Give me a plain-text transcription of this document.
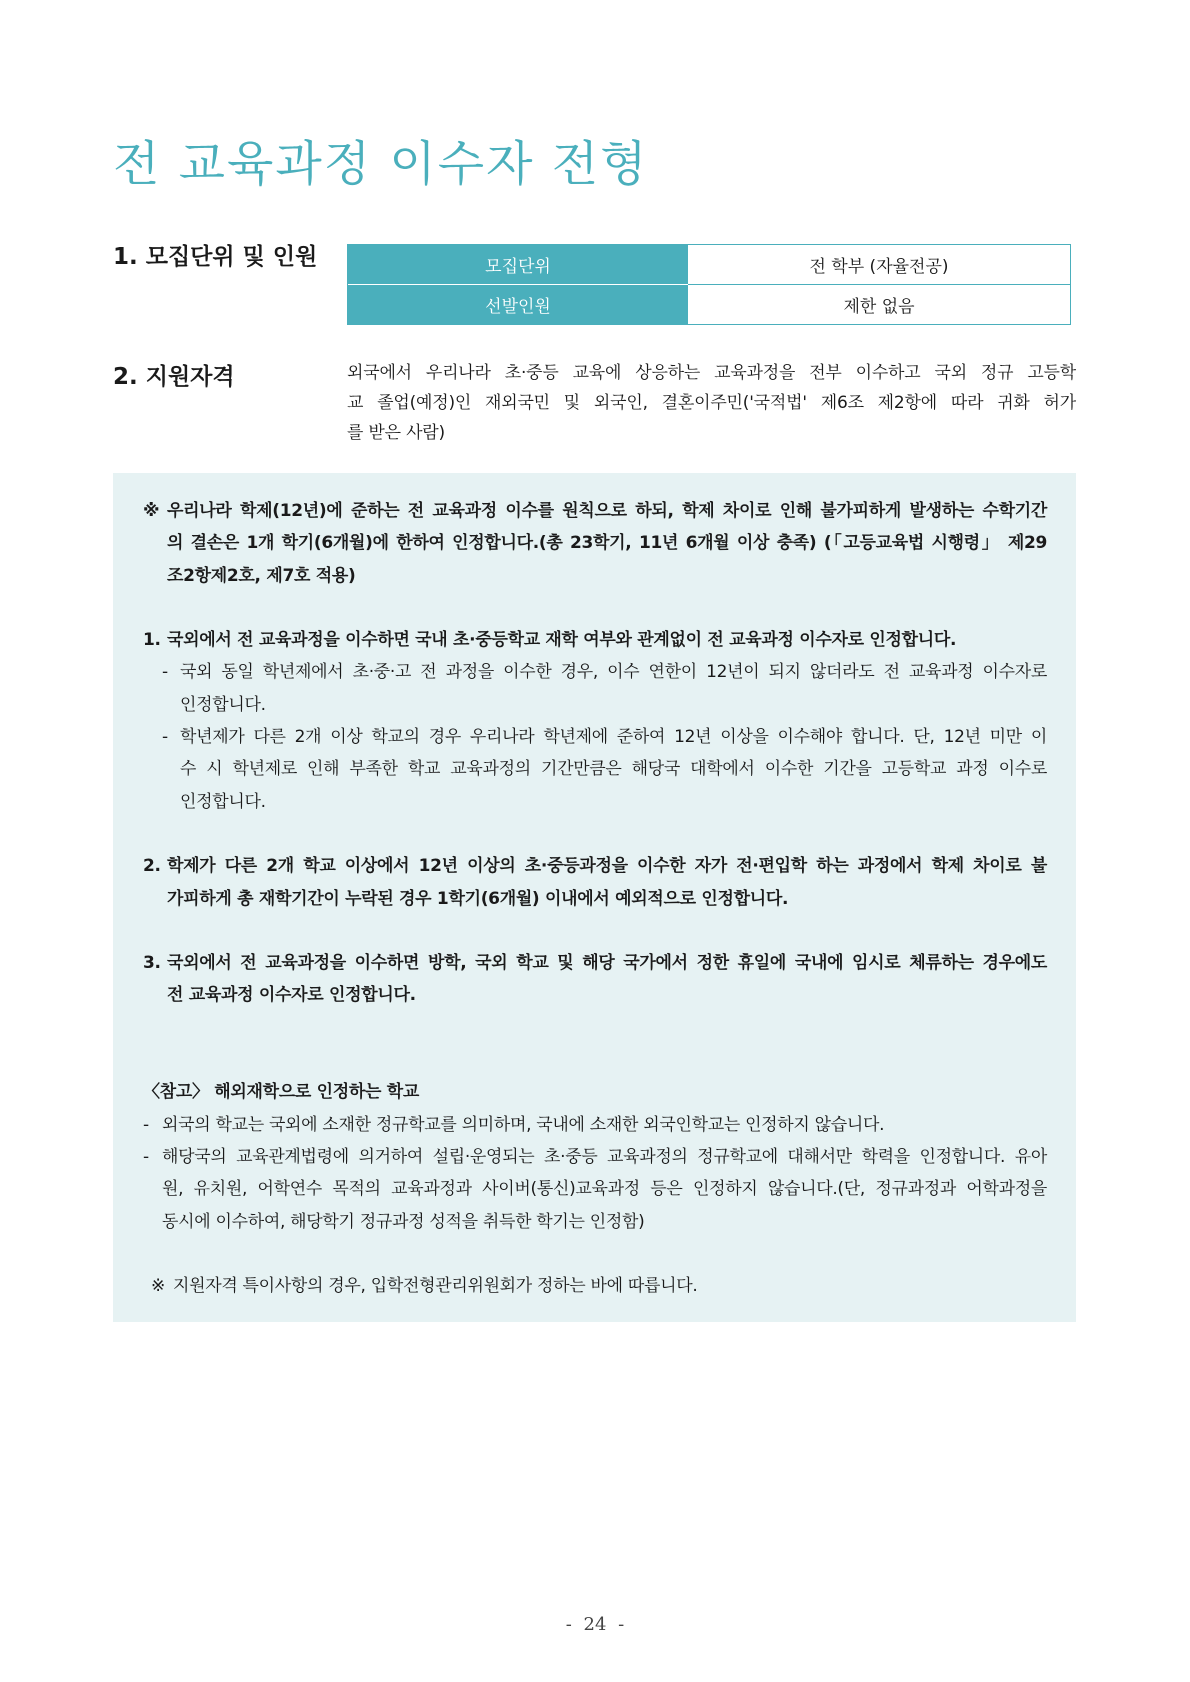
전 교육과정 이수자 전형
1. 모집단위 및 인원	모집단위	전 학부 (자율전공)
선발인원	제한 없음
2. 지원자격	외국에서 우리나라 초·중등 교육에 상응하는 교육과정을 전부 이수하고 국외 정규 고등학
교 졸업(예정)인 재외국민 및 외국인, 결혼이주민('국적법' 제6조 제2항에 따라 귀화 허가
를 받은 사람)
※ 우리나라 학제(12년)에 준하는 전 교육과정 이수를 원칙으로 하되, 학제 차이로 인해 불가피하게 발생하는 수학기간
의 결손은 1개 학기(6개월)에 한하여 인정합니다.(총 23학기, 11년 6개월 이상 충족) (「고등교육법 시행령」 제29
조2항제2호, 제7호 적용)
1. 국외에서 전 교육과정을 이수하면 국내 초·중등학교 재학 여부와 관계없이 전 교육과정 이수자로 인정합니다.
- 국외 동일 학년제에서 초·중·고 전 과정을 이수한 경우, 이수 연한이 12년이 되지 않더라도 전 교육과정 이수자로
인정합니다.
- 학년제가 다른 2개 이상 학교의 경우 우리나라 학년제에 준하여 12년 이상을 이수해야 합니다. 단, 12년 미만 이
수 시 학년제로 인해 부족한 학교 교육과정의 기간만큼은 해당국 대학에서 이수한 기간을 고등학교 과정 이수로
인정합니다.
2. 학제가 다른 2개 학교 이상에서 12년 이상의 초·중등과정을 이수한 자가 전·편입학 하는 과정에서 학제 차이로 불
가피하게 총 재학기간이 누락된 경우 1학기(6개월) 이내에서 예외적으로 인정합니다.
3. 국외에서 전 교육과정을 이수하면 방학, 국외 학교 및 해당 국가에서 정한 휴일에 국내에 임시로 체류하는 경우에도
전 교육과정 이수자로 인정합니다.
〈참고〉 해외재학으로 인정하는 학교
- 외국의 학교는 국외에 소재한 정규학교를 의미하며, 국내에 소재한 외국인학교는 인정하지 않습니다.
- 해당국의 교육관계법령에 의거하여 설립·운영되는 초·중등 교육과정의 정규학교에 대해서만 학력을 인정합니다. 유아
원, 유치원, 어학연수 목적의 교육과정과 사이버(통신)교육과정 등은 인정하지 않습니다.(단, 정규과정과 어학과정을
동시에 이수하여, 해당학기 정규과정 성적을 취득한 학기는 인정함)
※ 지원자격 특이사항의 경우, 입학전형관리위원회가 정하는 바에 따릅니다.
- 24 -
